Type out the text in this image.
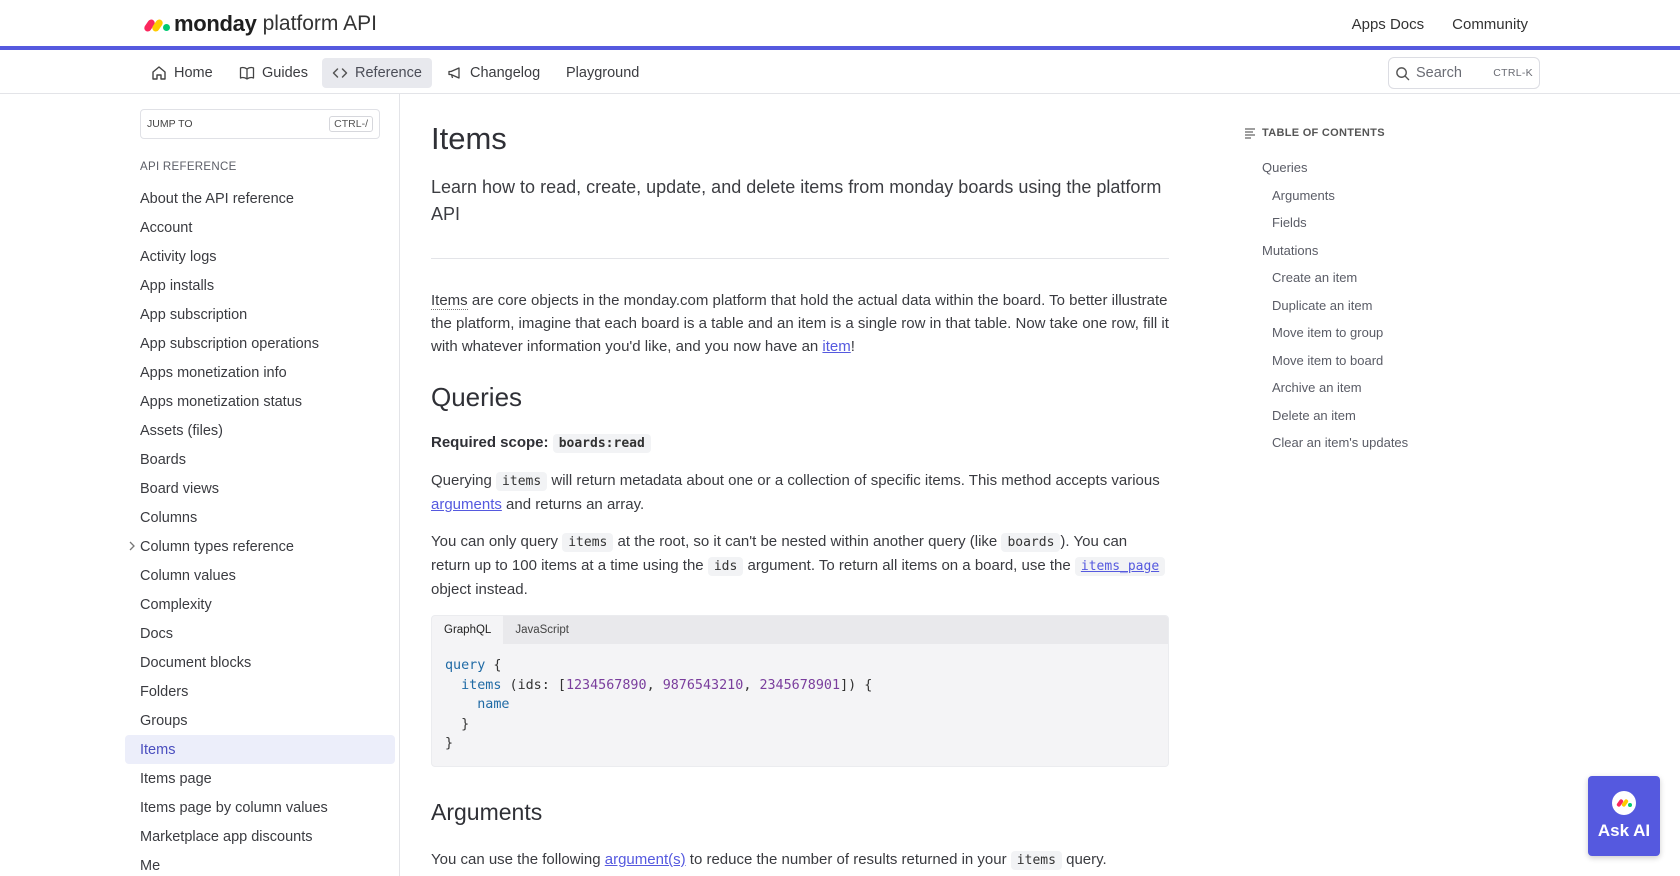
monday platform API	Apps Docs Community
Home	Guides	Reference	Changelog Playground	Search	CTRL-K
JUMP TO	CTRL-/
API REFERENCE
About the API reference
Account
Activity logs
App installs
App subscription
App subscription operations
Apps monetization info
Apps monetization status
Assets (files)
Boards
Board views
Columns
Column types reference
Column values
Complexity
Docs
Document blocks
Folders
Groups
Items
Items page
Items page by column values
Marketplace app discounts
Me
Items
Learn how to read, create, update, and delete items from monday boards using the platform API
Items are core objects in the monday.com platform that hold the actual data within the board. To better illustrate the platform, imagine that each board is a table and an item is a single row in that table. Now take one row, fill it with whatever information you'd like, and you now have an item!
Queries
Required scope: boards:read
Querying items will return metadata about one or a collection of specific items. This method accepts various arguments and returns an array.
You can only query items at the root, so it can't be nested within another query (like boards ). You can return up to 100 items at a time using the ids argument. To return all items on a board, use the items_page object instead.
GraphQL	JavaScript
query {
items (ids: [1234567890, 9876543210, 2345678901]) {
name
}
}
Arguments
You can use the following argument(s) to reduce the number of results returned in your items query.
TABLE OF CONTENTS
Queries
Arguments
Fields
Mutations
Create an item
Duplicate an item
Move item to group
Move item to board
Archive an item
Delete an item
Clear an item's updates
Ask AI
